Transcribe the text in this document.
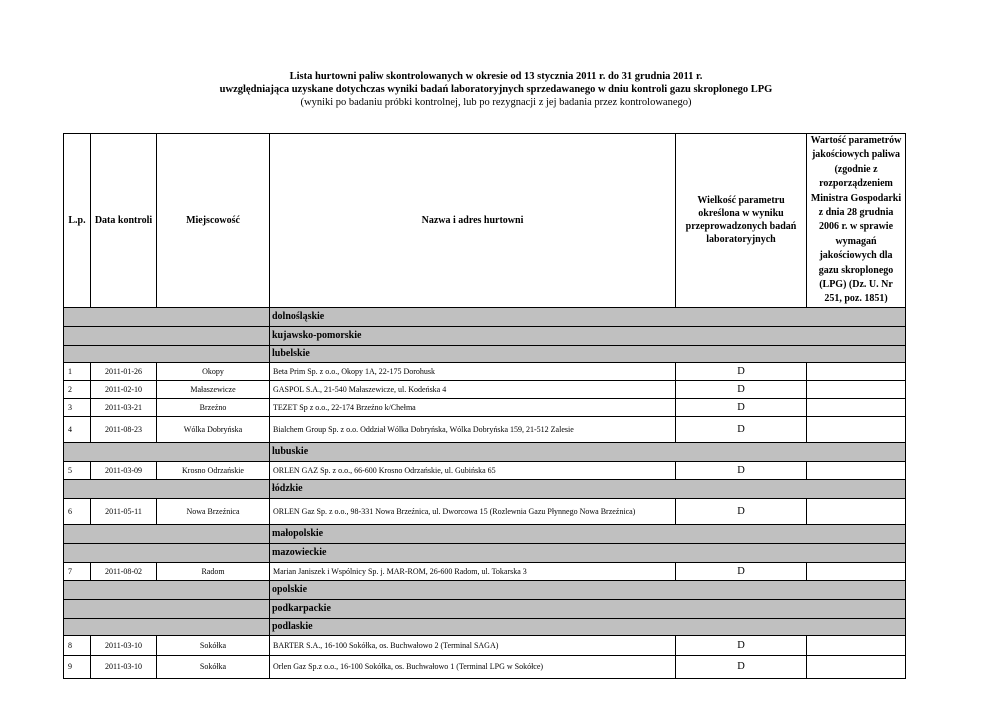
Lista hurtowni paliw skontrolowanych w okresie od 13 stycznia 2011 r. do 31 grudnia 2011 r.
uwzględniająca uzyskane dotychczas wyniki badań laboratoryjnych sprzedawanego w dniu kontroli gazu skroplonego LPG
(wyniki po badaniu próbki kontrolnej, lub po rezygnacji z jej badania przez kontrolowanego)
L.p.	Data kontroli	Miejscowość	Nazwa i adres hurtowni	Wielkość parametru określona w wyniku przeprowadzonych badań laboratoryjnych	Wartość parametrów jakościowych paliwa (zgodnie z rozporządzeniem Ministra Gospodarki z dnia 28 grudnia 2006 r. w sprawie wymagań jakościowych dla gazu skroplonego (LPG) (Dz. U. Nr 251, poz. 1851)
			dolnośląskie		
			kujawsko-pomorskie		
			lubelskie		
1	2011-01-26	Okopy	Beta Prim Sp. z o.o., Okopy 1A, 22-175 Dorohusk	D	
2	2011-02-10	Małaszewicze	GASPOL S.A., 21-540 Małaszewicze, ul. Kodeńska 4	D	
3	2011-03-21	Brzeźno	TEZET Sp z o.o., 22-174 Brzeźno k/Chełma	D	
4	2011-08-23	Wólka Dobryńska	Bialchem Group Sp. z o.o. Oddział Wólka Dobryńska, Wólka Dobryńska 159, 21-512 Zalesie	D	
			lubuskie		
5	2011-03-09	Krosno Odrzańskie	ORLEN GAZ Sp. z o.o., 66-600 Krosno Odrzańskie, ul. Gubińska 65	D	
			łódzkie		
6	2011-05-11	Nowa Brzeźnica	ORLEN Gaz Sp. z o.o., 98-331 Nowa Brzeźnica, ul. Dworcowa 15 (Rozlewnia Gazu Płynnego Nowa Brzeźnica)	D	
			małopolskie		
			mazowieckie		
7	2011-08-02	Radom	Marian Janiszek i Wspólnicy Sp. j. MAR-ROM, 26-600 Radom, ul. Tokarska 3	D	
			opolskie		
			podkarpackie		
			podlaskie		
8	2011-03-10	Sokółka	BARTER S.A., 16-100 Sokółka, os. Buchwałowo 2 (Terminal SAGA)	D	
9	2011-03-10	Sokółka	Orlen Gaz Sp.z o.o., 16-100 Sokółka, os. Buchwałowo 1 (Terminal LPG w Sokółce)	D	
